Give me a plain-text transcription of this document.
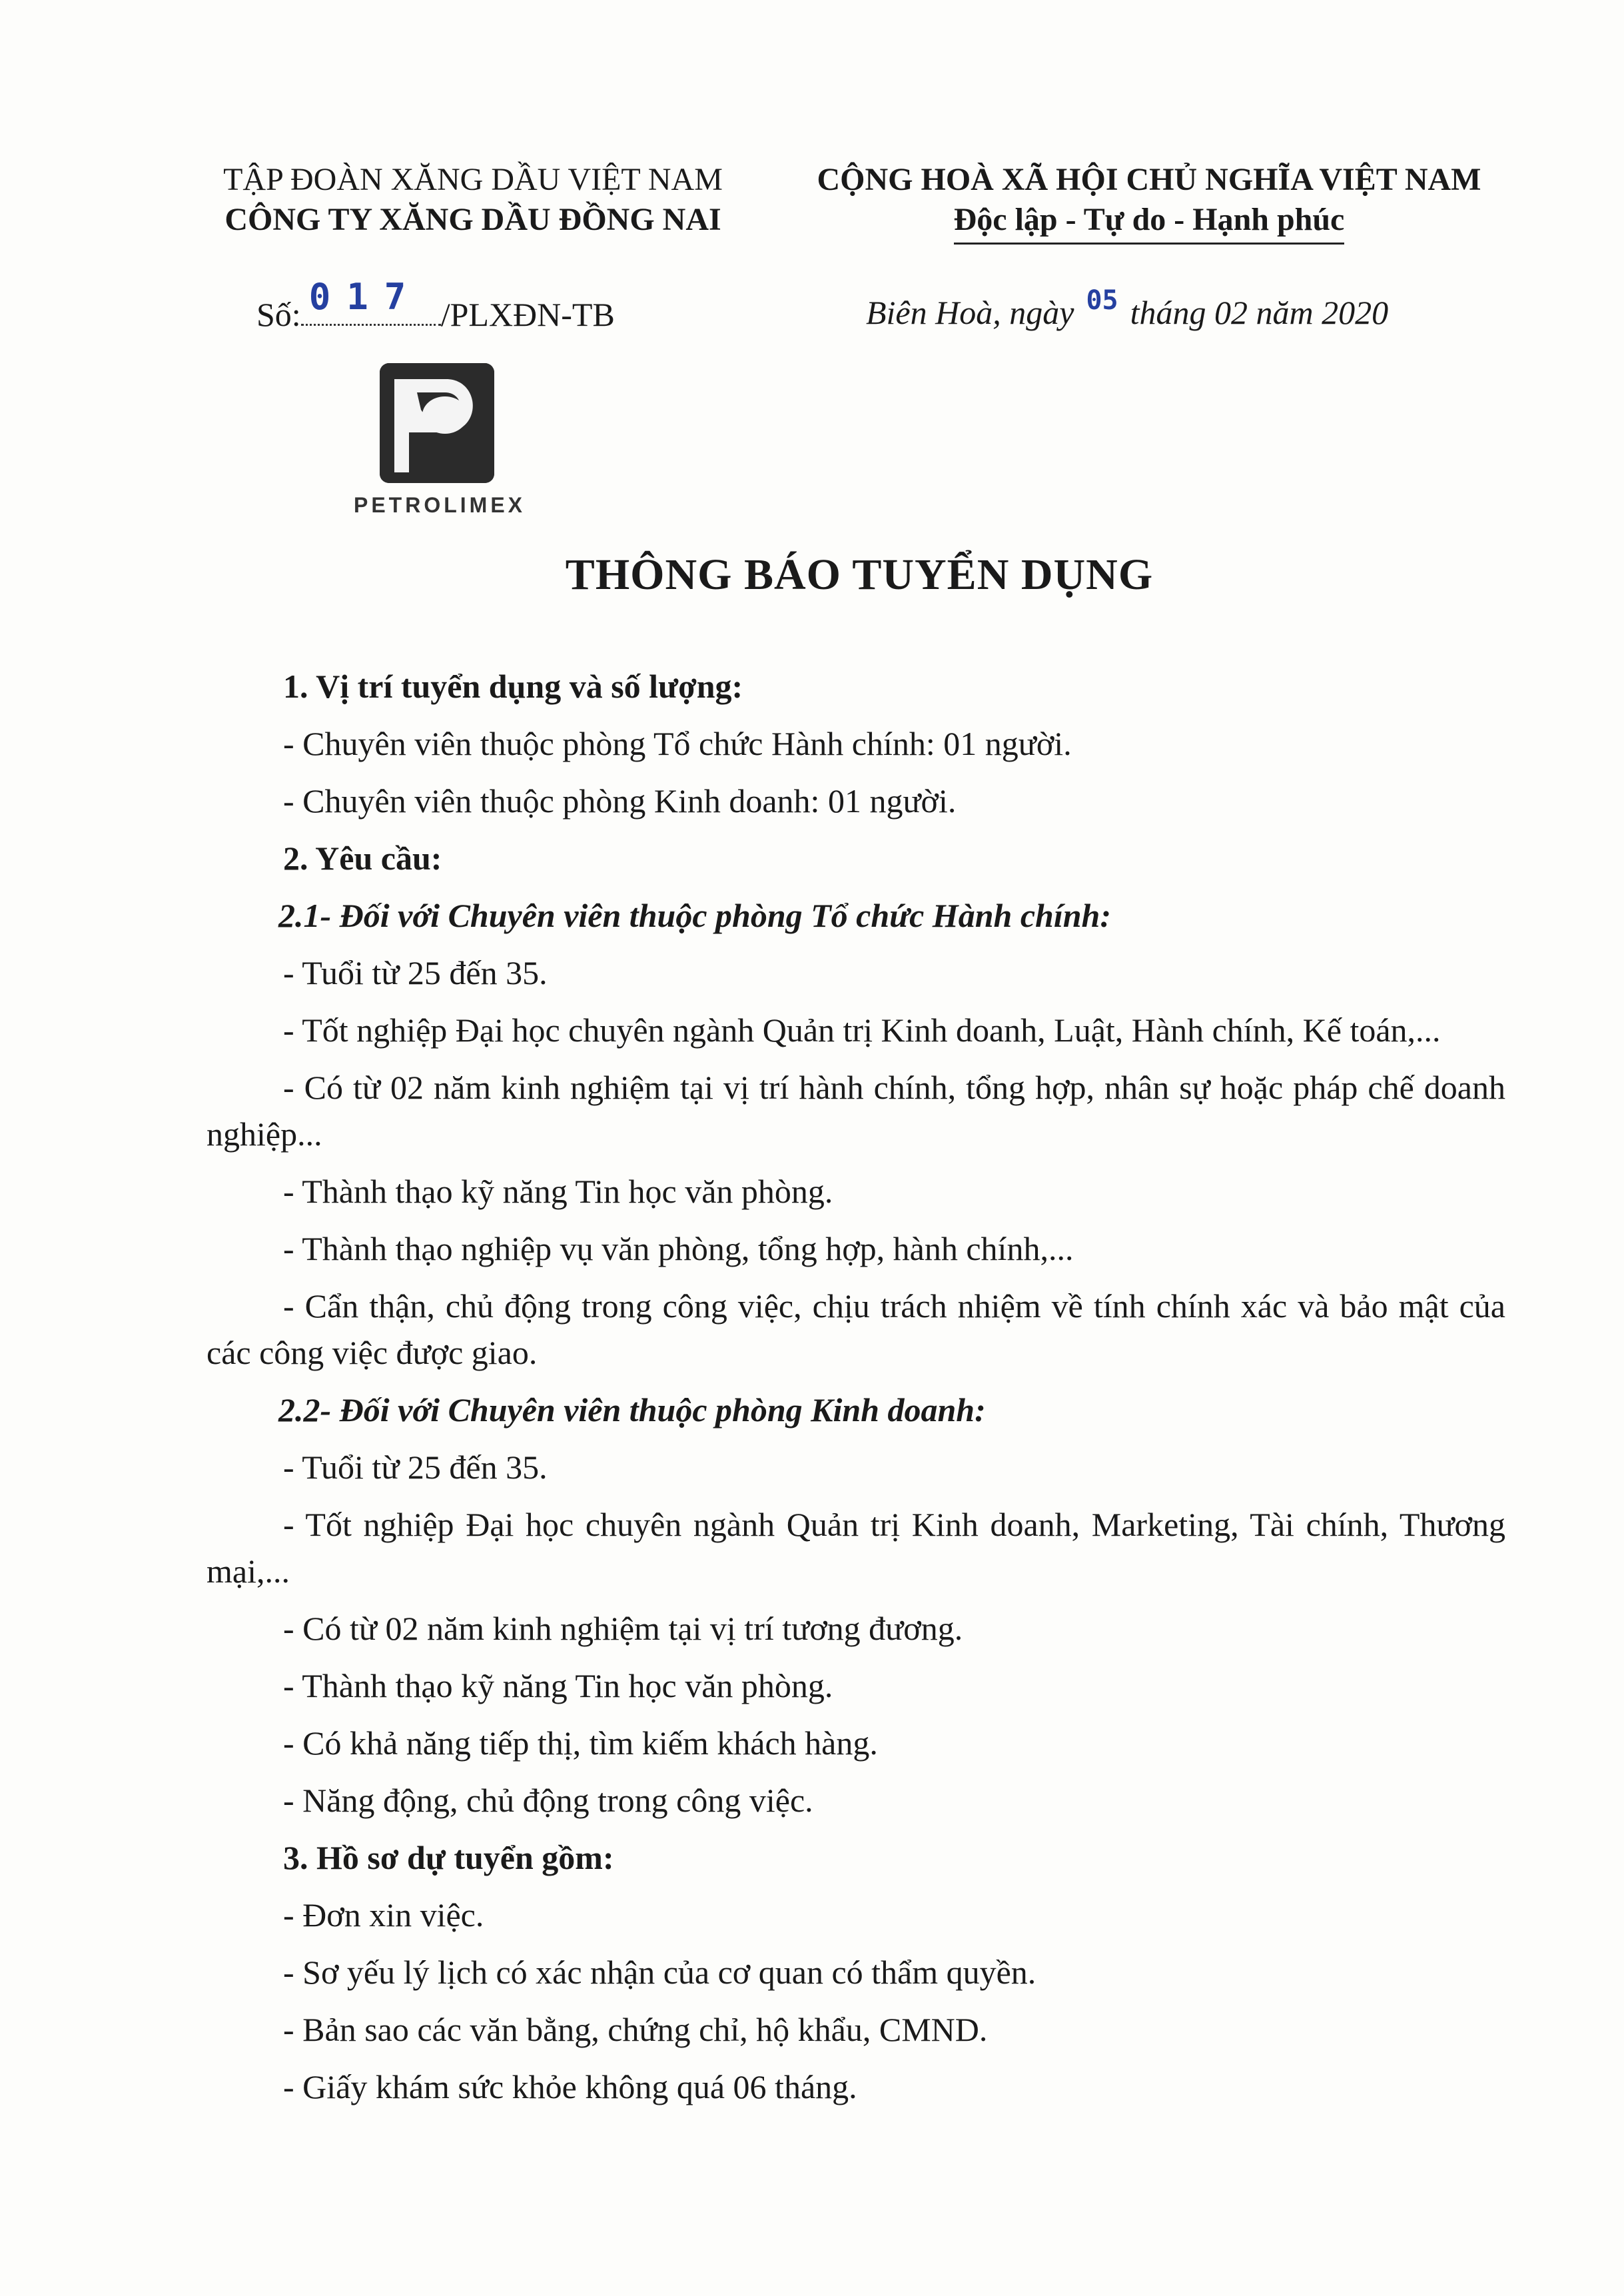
TẬP ĐOÀN XĂNG DẦU VIỆT NAM
CÔNG TY XĂNG DẦU ĐỒNG NAI
CỘNG HOÀ XÃ HỘI CHỦ NGHĨA VIỆT NAM
Độc lập - Tự do - Hạnh phúc
Số: 017 /PLXĐN-TB	Biên Hoà, ngày $^{05}$ tháng 02 năm 2020
PETROLIMEX
THÔNG BÁO TUYỂN DỤNG
1. Vị trí tuyển dụng và số lượng:
- Chuyên viên thuộc phòng Tổ chức Hành chính: 01 người.
- Chuyên viên thuộc phòng Kinh doanh: 01 người.
2. Yêu cầu:
2.1- Đối với Chuyên viên thuộc phòng Tổ chức Hành chính:
- Tuổi từ 25 đến 35.
- Tốt nghiệp Đại học chuyên ngành Quản trị Kinh doanh, Luật, Hành chính, Kế toán,...
- Có từ 02 năm kinh nghiệm tại vị trí hành chính, tổng hợp, nhân sự hoặc pháp chế doanh nghiệp...
- Thành thạo kỹ năng Tin học văn phòng.
- Thành thạo nghiệp vụ văn phòng, tổng hợp, hành chính,...
- Cẩn thận, chủ động trong công việc, chịu trách nhiệm về tính chính xác và bảo mật của các công việc được giao.
2.2- Đối với Chuyên viên thuộc phòng Kinh doanh:
- Tuổi từ 25 đến 35.
- Tốt nghiệp Đại học chuyên ngành Quản trị Kinh doanh, Marketing, Tài chính, Thương mại,...
- Có từ 02 năm kinh nghiệm tại vị trí tương đương.
- Thành thạo kỹ năng Tin học văn phòng.
- Có khả năng tiếp thị, tìm kiếm khách hàng.
- Năng động, chủ động trong công việc.
3. Hồ sơ dự tuyển gồm:
- Đơn xin việc.
- Sơ yếu lý lịch có xác nhận của cơ quan có thẩm quyền.
- Bản sao các văn bằng, chứng chỉ, hộ khẩu, CMND.
- Giấy khám sức khỏe không quá 06 tháng.
